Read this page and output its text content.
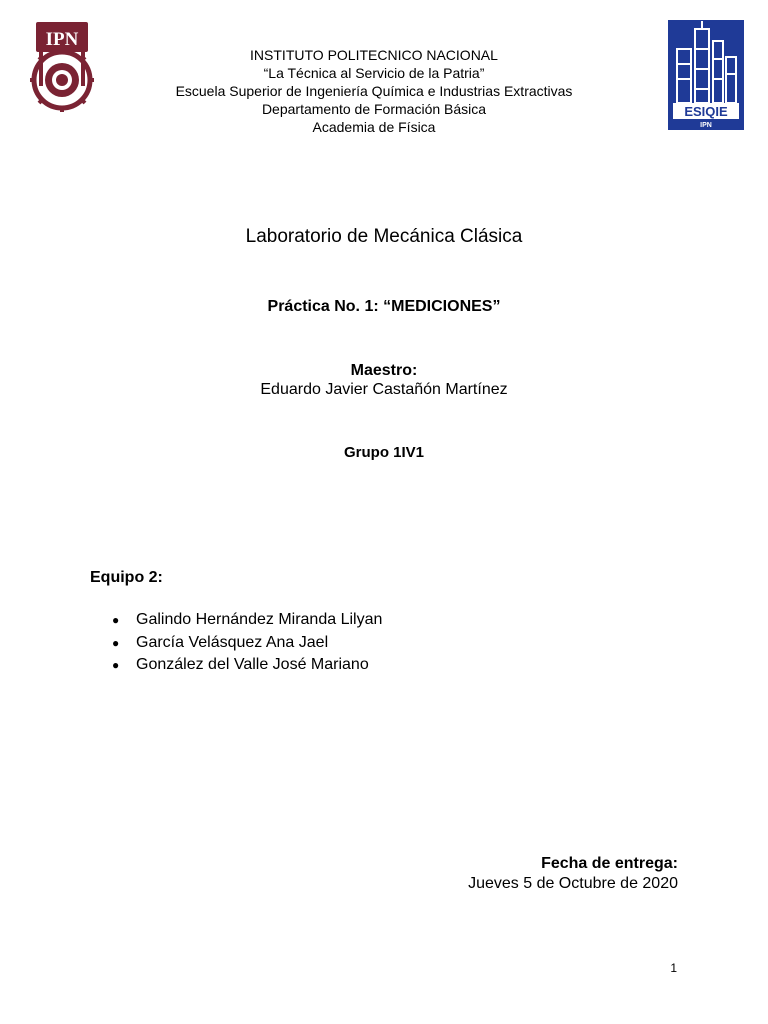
IPN
ESIQIE
IPN
INSTITUTO POLITECNICO NACIONAL
“La Técnica al Servicio de la Patria”
Escuela Superior de Ingeniería Química e Industrias Extractivas
Departamento de Formación Básica
Academia de Física
Laboratorio de Mecánica Clásica
Práctica No. 1: “MEDICIONES”
Maestro:
Eduardo Javier Castañón Martínez
Grupo 1IV1
Equipo 2:
● Galindo Hernández Miranda Lilyan
● García Velásquez Ana Jael
● González del Valle José Mariano
Fecha de entrega:
Jueves 5 de Octubre de 2020
1
